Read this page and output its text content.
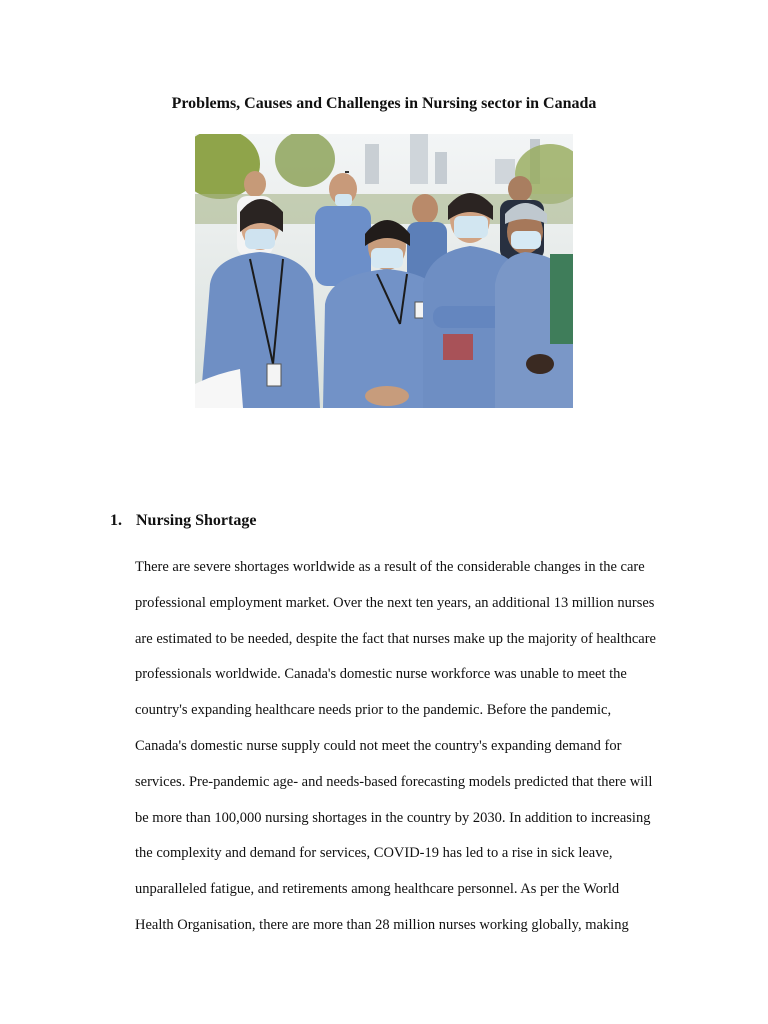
Problems, Causes and Challenges in Nursing sector in Canada
1. Nursing Shortage
There are severe shortages worldwide as a result of the considerable changes in the care
professional employment market. Over the next ten years, an additional 13 million nurses
are estimated to be needed, despite the fact that nurses make up the majority of healthcare
professionals worldwide. Canada's domestic nurse workforce was unable to meet the
country's expanding healthcare needs prior to the pandemic. Before the pandemic,
Canada's domestic nurse supply could not meet the country's expanding demand for
services. Pre-pandemic age- and needs-based forecasting models predicted that there will
be more than 100,000 nursing shortages in the country by 2030. In addition to increasing
the complexity and demand for services, COVID-19 has led to a rise in sick leave,
unparalleled fatigue, and retirements among healthcare personnel. As per the World
Health Organisation, there are more than 28 million nurses working globally, making
